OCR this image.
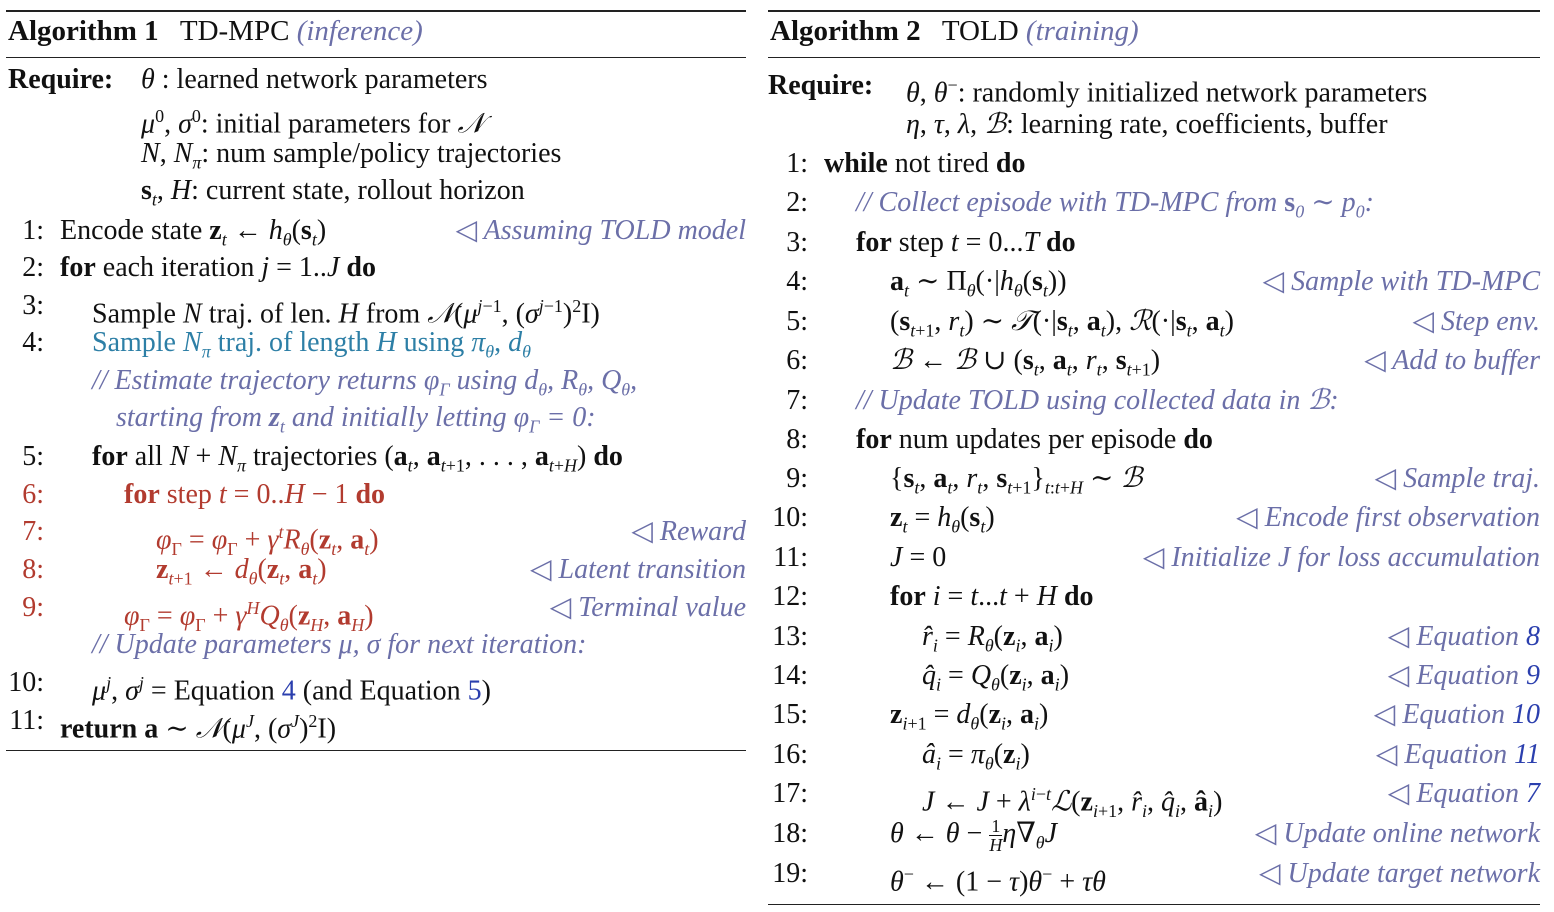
Algorithm 1 TD-MPC (inference)
Require: θ : learned network parameters
$\mu^0$, $\sigma^0$: initial parameters for 𝒩
N, $N_\pi$: num sample/policy trajectories
$s_t$, H: current state, rollout horizon
1: Encode state $z_t$ ← $h_\theta(s_t)$	◁ Assuming TOLD model
2: for each iteration j = 1..J do
3: Sample N traj. of len. H from $𝒩(\mu^{j-1}$, $(\sigma^{j-1})^2I$)
4: Sample $N_\pi$ traj. of length H using $\pi_\theta$, $d_\theta$
// Estimate trajectory returns $\varphi_\Gamma$ using $d_\theta$, $R_\theta$, $Q_\theta$,
starting from $z_t$ and initially letting $\varphi_\Gamma = 0$:
5: for all $N + N_\pi$ trajectories ($a_t$, $a_{t+1}$, . . . , $a_{t+H}$) do
6:	for step t = 0..H − 1 do
7:	$\varphi_\Gamma = \varphi_\Gamma + \gamma^tR_\theta(z_t$, $a_t$)	◁ Reward
8:	$z_{t+1}$ ← $d_\theta(z_t$, $a_t$)	◁ Latent transition
9:	$\varphi_\Gamma = \varphi_\Gamma + \gamma^HQ_\theta(z_H$, $a_H$)	◁ Terminal value
// Update parameters μ, σ for next iteration:
10: $\mu^j$, $\sigma^j$ = Equation 4 (and Equation 5)
11: return a ∼ $𝒩(\mu^J$, $(\sigma^J)^2I$)
Algorithm 2 TOLD (training)
Require: θ, θ−: randomly initialized network parameters
η, τ, λ, ℬ: learning rate, coefficients, buffer
1: while not tired do
2: // Collect episode with TD-MPC from $s_0$ ∼ $p_0$:
3: for step t = 0...T do
4:	$a_t$ ∼ $\Pi_\theta(\cdot|h_\theta(s_t))$	◁ Sample with TD-MPC
5:	($s_{t+1}$, $r_t$) ∼ $𝒯(\cdot|s_t$, $a_t$), $ℛ(\cdot|s_t$, $a_t$)	◁ Step env.
6:	ℬ ← ℬ ∪ ($s_t$, $a_t$, $r_t$, $s_{t+1}$)	◁ Add to buffer
7: // Update TOLD using collected data in ℬ:
8: for num updates per episode do
9:	{$s_t$, $a_t$, $r_t$, $s_{t+1}\}_{t:t+H}$ ∼ ℬ	◁ Sample traj.
10:	$z_t = h_\theta(s_t)$	◁ Encode first observation
11:	J = 0	◁ Initialize J for loss accumulation
12:	for i = t...t + H do
13:	$r̂_i = R_\theta(z_i$, $a_i$)	◁ Equation 8
14:	$q̂_i = Q_\theta(z_i$, $a_i$)	◁ Equation 9
15:	$z_{i+1} = d_\theta(z_i$, $a_i$)	◁ Equation 10
16:	$â_i = \pi_\theta(z_i)$	◁ Equation 11
17:	J ← $J + \lambda^{i-t}ℒ(z_{i+1}$, $r̂_i$, $q̂_i$, $â_i$)	◁ Equation 7
18:	θ ← $\theta - \frac{1}{H} \eta\nabla_\theta J$	◁ Update online network
19:	θ− ← (1 − τ)θ− + τθ	◁ Update target network
